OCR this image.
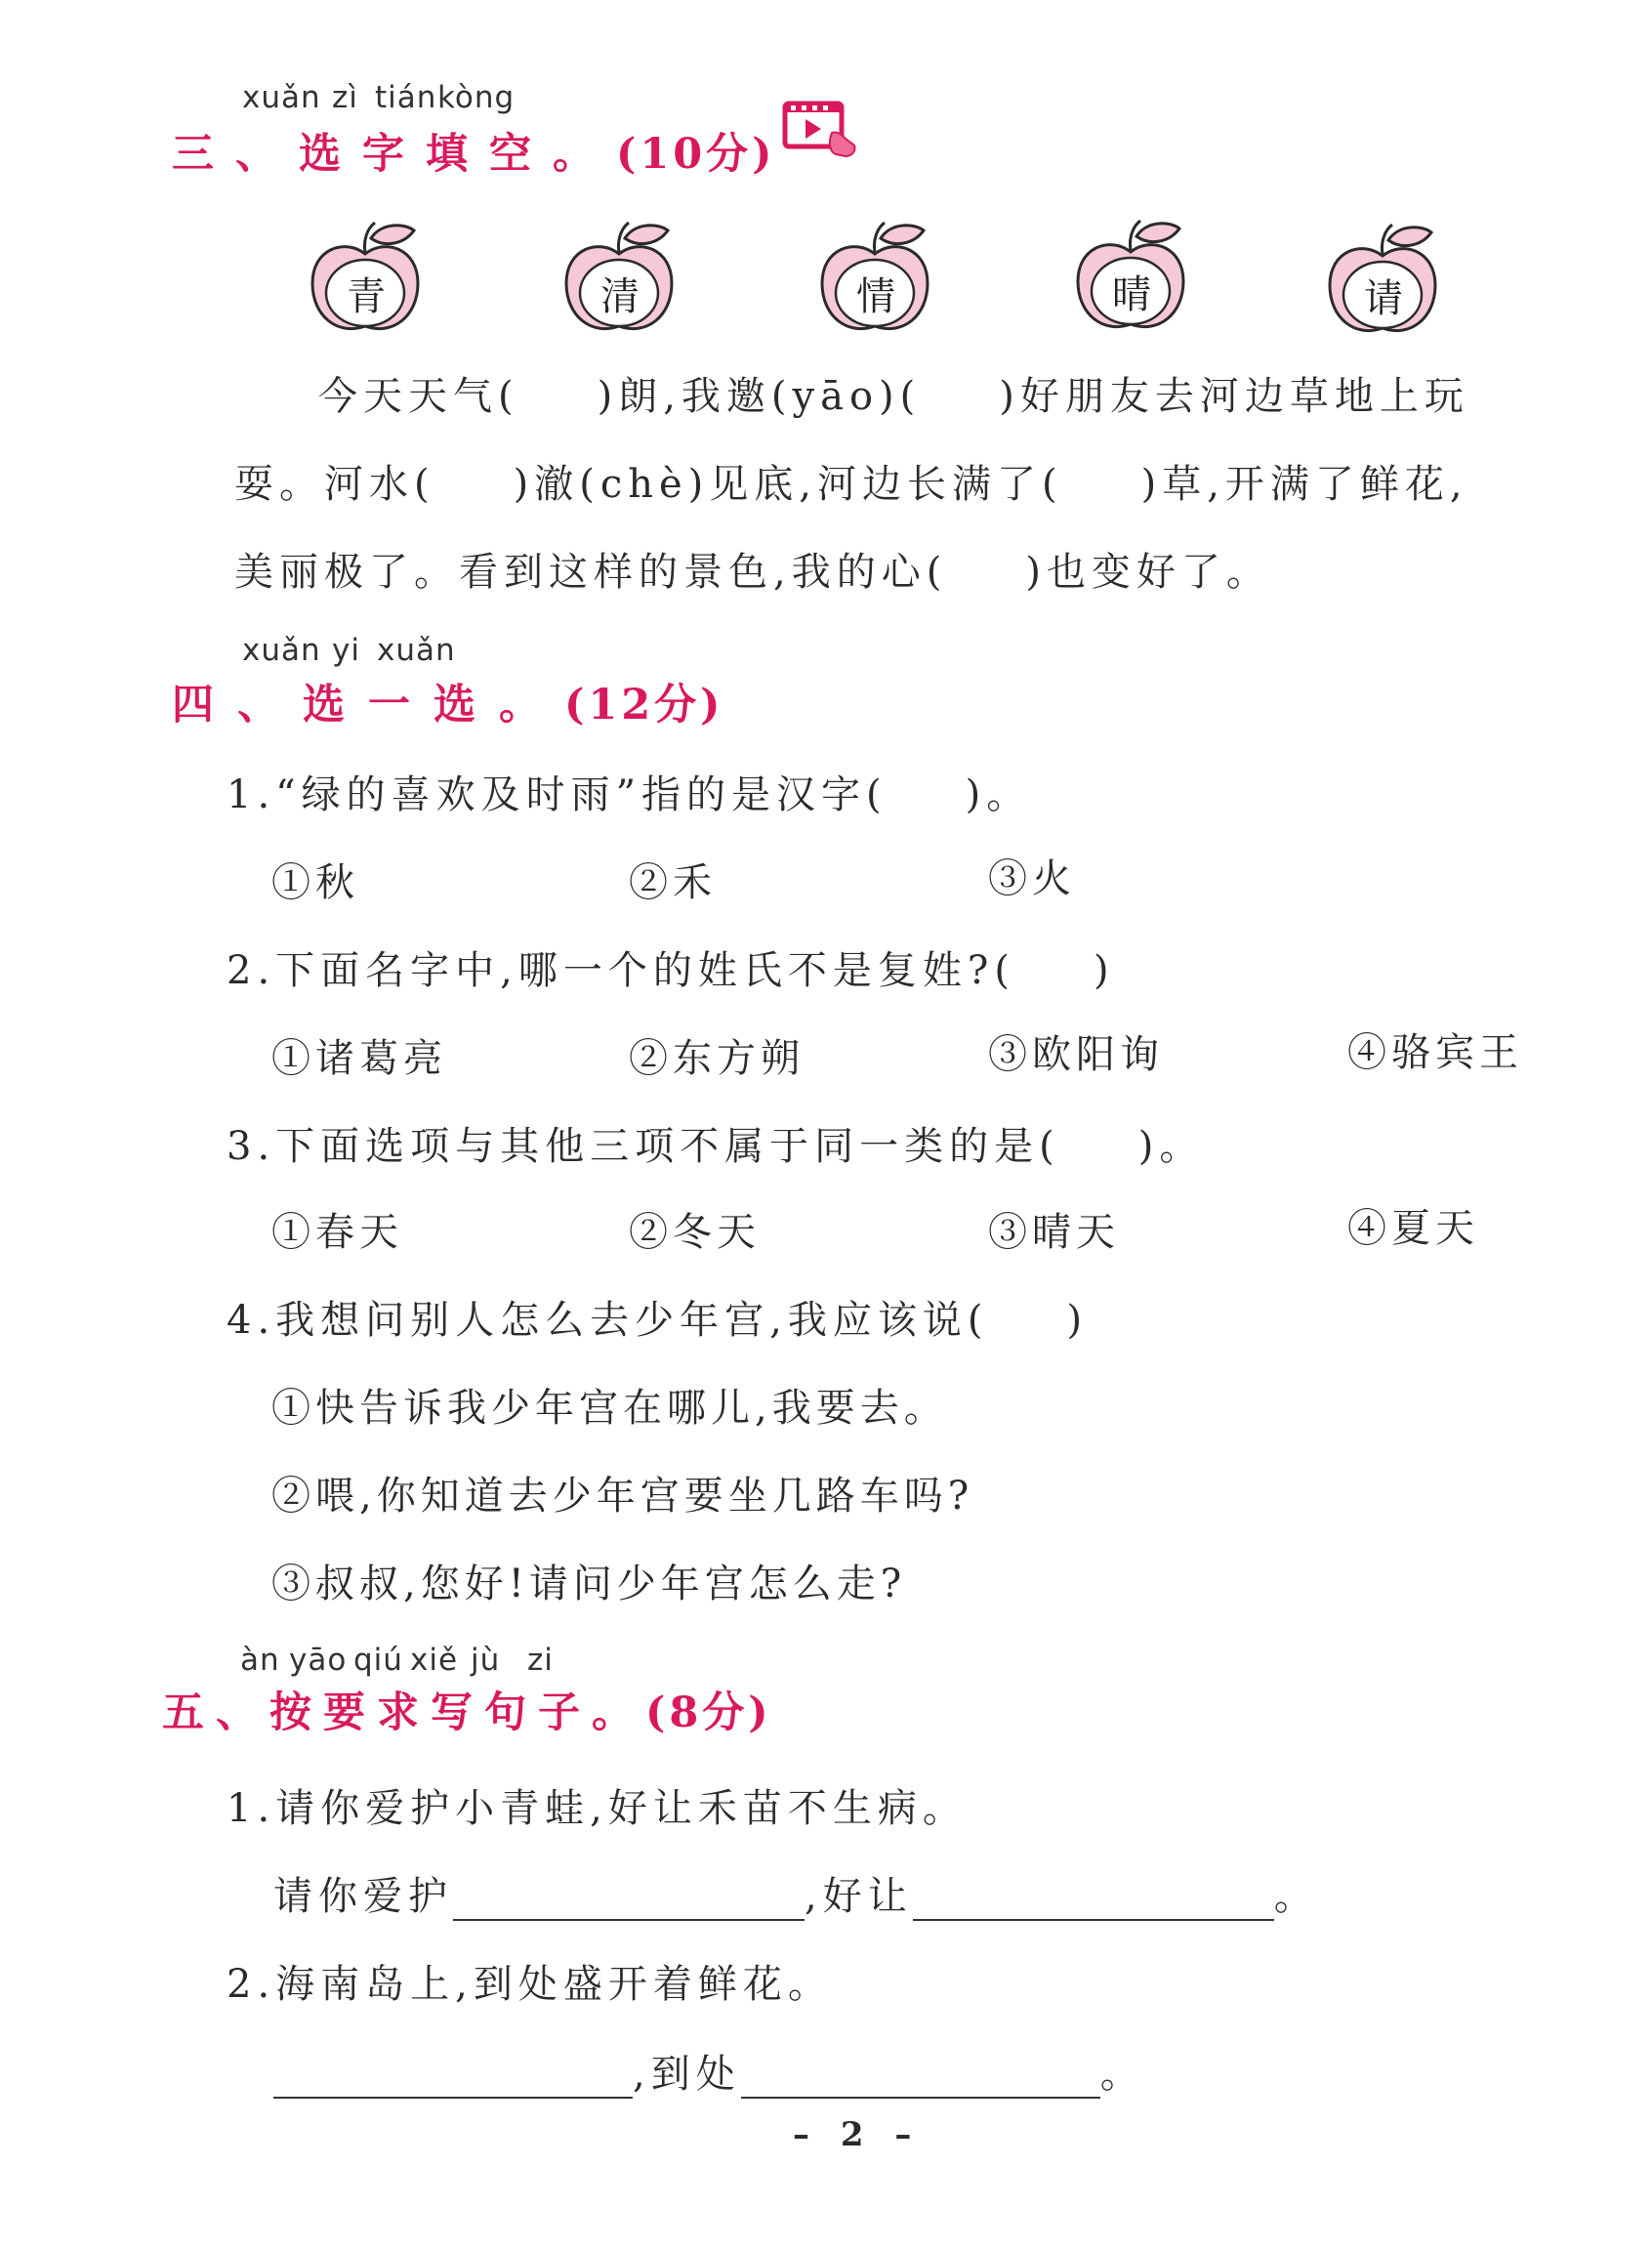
xuǎn zì tián kòng
三、选字填空。(10分)
青	清	情	晴	请
今天天气( )朗,我邀(yāo)( )好朋友去河边草地上玩
耍。河水( )澈(chè)见底,河边长满了( )草,开满了鲜花,
美丽极了。看到这样的景色,我的心( )也变好了。
xuǎn yi xuǎn
四、选一选。(12分)
1.“绿的喜欢及时雨”指的是汉字( )。
①秋	②禾	③火
2.下面名字中,哪一个的姓氏不是复姓?( )
①诸葛亮	②东方朔	③欧阳询	④骆宾王
3.下面选项与其他三项不属于同一类的是( )。
①春天	②冬天	③晴天	④夏天
4.我想问别人怎么去少年宫,我应该说( )
①快告诉我少年宫在哪儿,我要去。
②喂,你知道去少年宫要坐几路车吗?
③叔叔,您好!请问少年宫怎么走?
àn yāo qiú xiě jù zi
五、按要求写句子。(8分)
1.请你爱护小青蛙,好让禾苗不生病。
请你爱护	,好让	。
2.海南岛上,到处盛开着鲜花。
,到处	。
– 2 –
